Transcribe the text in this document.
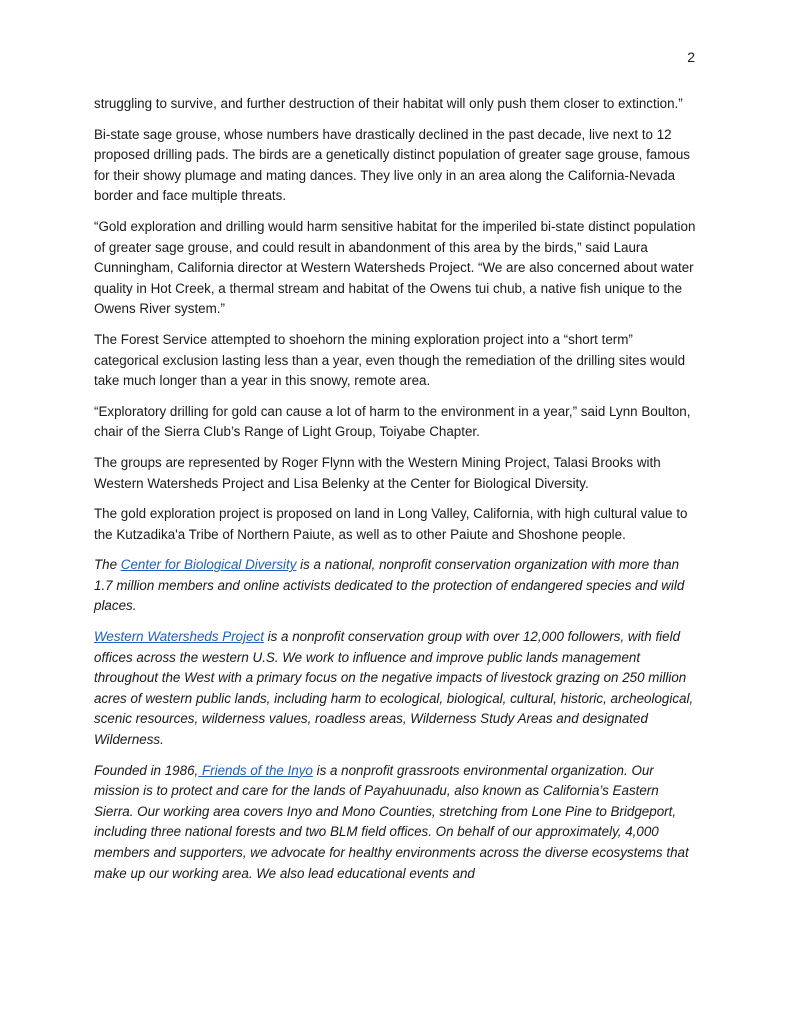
2

struggling to survive, and further destruction of their habitat will only push them closer to extinction.”

Bi-state sage grouse, whose numbers have drastically declined in the past decade, live next to 12 proposed drilling pads. The birds are a genetically distinct population of greater sage grouse, famous for their showy plumage and mating dances. They live only in an area along the California-Nevada border and face multiple threats.

“Gold exploration and drilling would harm sensitive habitat for the imperiled bi-state distinct population of greater sage grouse, and could result in abandonment of this area by the birds,” said Laura Cunningham, California director at Western Watersheds Project. “We are also concerned about water quality in Hot Creek, a thermal stream and habitat of the Owens tui chub, a native fish unique to the Owens River system.”

The Forest Service attempted to shoehorn the mining exploration project into a “short term” categorical exclusion lasting less than a year, even though the remediation of the drilling sites would take much longer than a year in this snowy, remote area.

“Exploratory drilling for gold can cause a lot of harm to the environment in a year,” said Lynn Boulton, chair of the Sierra Club’s Range of Light Group, Toiyabe Chapter.

The groups are represented by Roger Flynn with the Western Mining Project, Talasi Brooks with Western Watersheds Project and Lisa Belenky at the Center for Biological Diversity.

The gold exploration project is proposed on land in Long Valley, California, with high cultural value to the Kutzadika'a Tribe of Northern Paiute, as well as to other Paiute and Shoshone people.

The Center for Biological Diversity is a national, nonprofit conservation organization with more than 1.7 million members and online activists dedicated to the protection of endangered species and wild places.

Western Watersheds Project is a nonprofit conservation group with over 12,000 followers, with field offices across the western U.S. We work to influence and improve public lands management throughout the West with a primary focus on the negative impacts of livestock grazing on 250 million acres of western public lands, including harm to ecological, biological, cultural, historic, archeological, scenic resources, wilderness values, roadless areas, Wilderness Study Areas and designated Wilderness.

Founded in 1986, Friends of the Inyo is a nonprofit grassroots environmental organization. Our mission is to protect and care for the lands of Payahuunadu, also known as California’s Eastern Sierra. Our working area covers Inyo and Mono Counties, stretching from Lone Pine to Bridgeport, including three national forests and two BLM field offices. On behalf of our approximately, 4,000 members and supporters, we advocate for healthy environments across the diverse ecosystems that make up our working area. We also lead educational events and
